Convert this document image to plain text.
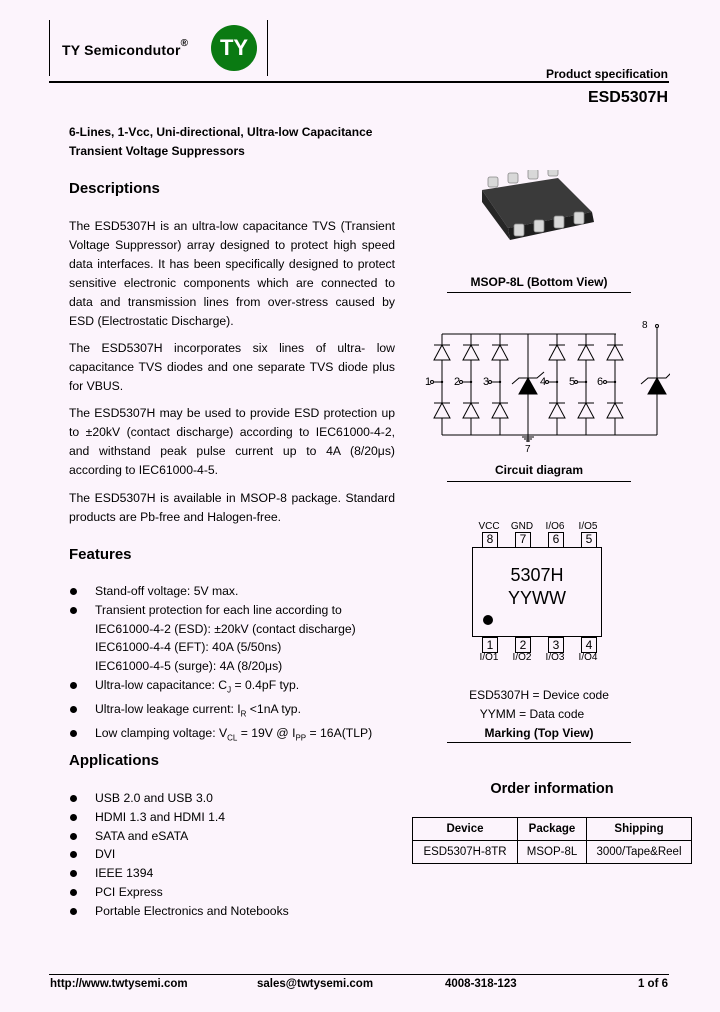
TY Semicondutor® TY
Product specification
ESD5307H
6-Lines, 1-Vcc, Uni-directional, Ultra-low Capacitance
Transient Voltage Suppressors
Descriptions
The ESD5307H is an ultra-low capacitance TVS (Transient Voltage Suppressor) array designed to protect high speed data interfaces. It has been specifically designed to protect sensitive electronic components which are connected to data and transmission lines from over-stress caused by ESD (Electrostatic Discharge).
The ESD5307H incorporates six lines of ultra- low capacitance TVS diodes and one separate TVS diode plus for VBUS.
The ESD5307H may be used to provide ESD protection up to ±20kV (contact discharge) according to IEC61000-4-2, and withstand peak pulse current up to 4A (8/20μs) according to IEC61000-4-5.
The ESD5307H is available in MSOP-8 package. Standard products are Pb-free and Halogen-free.
Features
Stand-off voltage: 5V max.
Transient protection for each line according to
IEC61000-4-2 (ESD): ±20kV (contact discharge)
IEC61000-4-4 (EFT): 40A (5/50ns)
IEC61000-4-5 (surge): 4A (8/20μs)
Ultra-low capacitance: $C_J = 0.4pF$ typ.
Ultra-low leakage current: $I_R <1nA$ typ.
Low clamping voltage: $V_{CL} = 19V$ @ $I_{PP} = 16A(TLP)$
Applications
USB 2.0 and USB 3.0
HDMI 1.3 and HDMI 1.4
SATA and eSATA
DVI
IEEE 1394
PCI Express
Portable Electronics and Notebooks
MSOP-8L (Bottom View)
1 2 3	4 5 6
8
7
Circuit diagram
VCC GND I/O6 I/O5
8	7	6	5
5307H
YYWW
1	2	3	4
I/O1 I/O2 I/O3 I/O4
ESD5307H = Device code
YYMM = Data code
Marking (Top View)
Order information
Device	Package	Shipping
ESD5307H-8TR	MSOP-8L	3000/Tape&Reel
http://www.twtysemi.com	sales@twtysemi.com	4008-318-123	1 of 6
